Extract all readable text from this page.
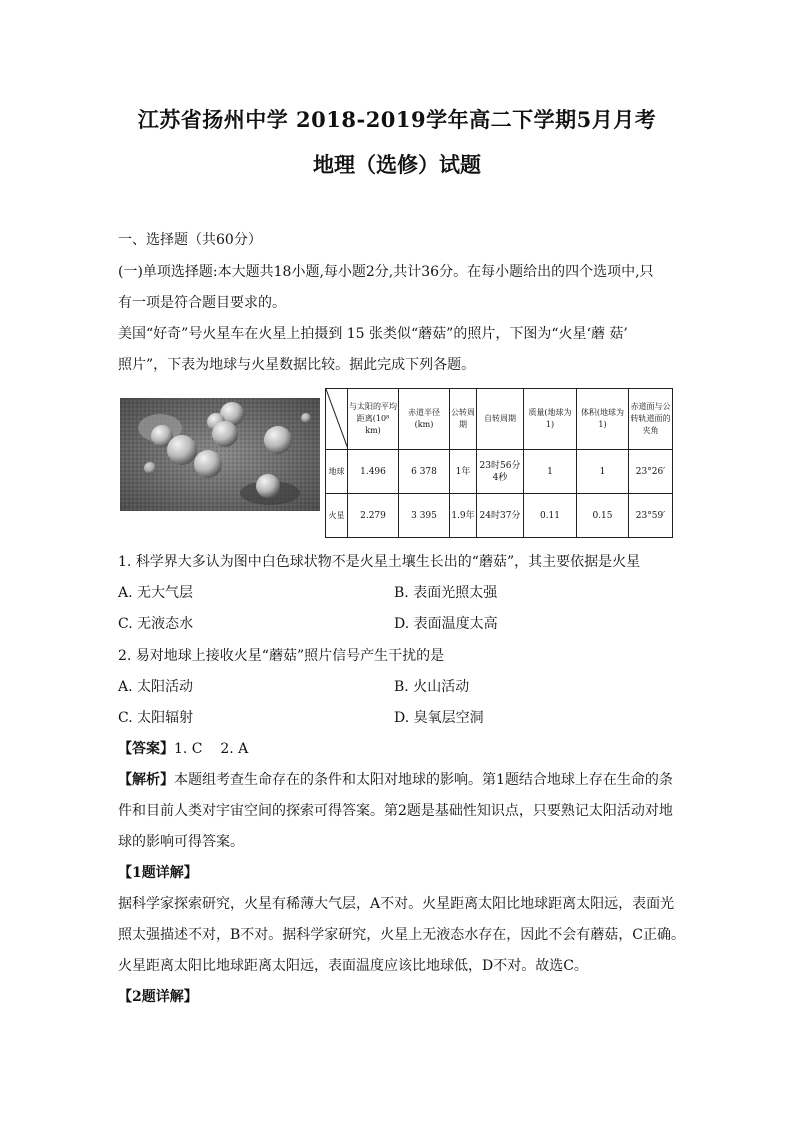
江苏省扬州中学 2018-2019学年高二下学期5月月考
地理（选修）试题
一、选择题（共60分）
(一)单项选择题:本大题共18小题,每小题2分,共计36分。在每小题给出的四个选项中,只
有一项是符合题目要求的。
美国“好奇”号火星车在火星上拍摄到 15 张类似“蘑菇”的照片，下图为“火星‘蘑 菇’
照片”，下表为地球与火星数据比较。据此完成下列各题。
	与太阳的平均距离(10⁸ km)	赤道半径(km)	公转周期	自转周期	质量(地球为1)	体积(地球为1)	赤道面与公转轨道面的夹角
地球	1.496	6 378	1年	23时56分4秒	1	1	23°26′
火星	2.279	3 395	1.9年	24时37分	0.11	0.15	23°59′
1. 科学界大多认为图中白色球状物不是火星土壤生长出的“蘑菇”，其主要依据是火星
A. 无大气层	B. 表面光照太强
C. 无液态水	D. 表面温度太高
2. 易对地球上接收火星“蘑菇”照片信号产生干扰的是
A. 太阳活动	B. 火山活动
C. 太阳辐射	D. 臭氧层空洞
【答案】1. C    2. A
【解析】本题组考查生命存在的条件和太阳对地球的影响。第1题结合地球上存在生命的条
件和目前人类对宇宙空间的探索可得答案。第2题是基础性知识点，只要熟记太阳活动对地
球的影响可得答案。
【1题详解】
据科学家探索研究，火星有稀薄大气层，A不对。火星距离太阳比地球距离太阳远，表面光
照太强描述不对，B不对。据科学家研究，火星上无液态水存在，因此不会有蘑菇，C正确。
火星距离太阳比地球距离太阳远，表面温度应该比地球低，D不对。故选C。
【2题详解】
